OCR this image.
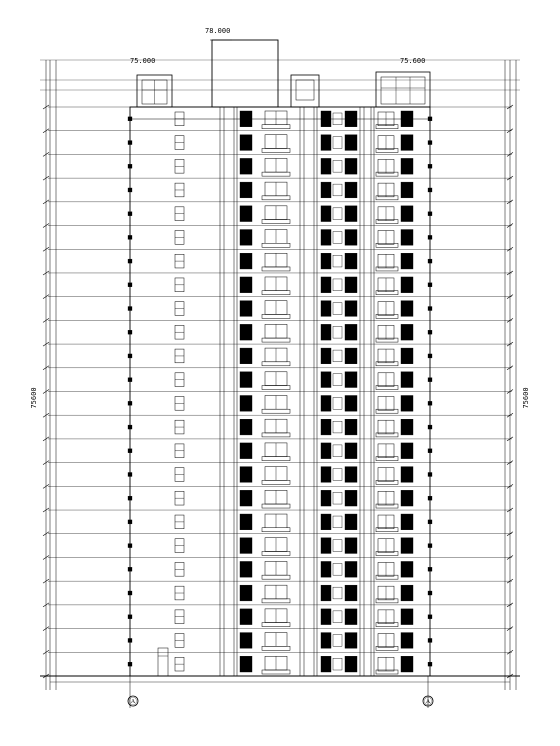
78.000
75.000	75.600
75600	75600
Ⓐ	Ⓐ
